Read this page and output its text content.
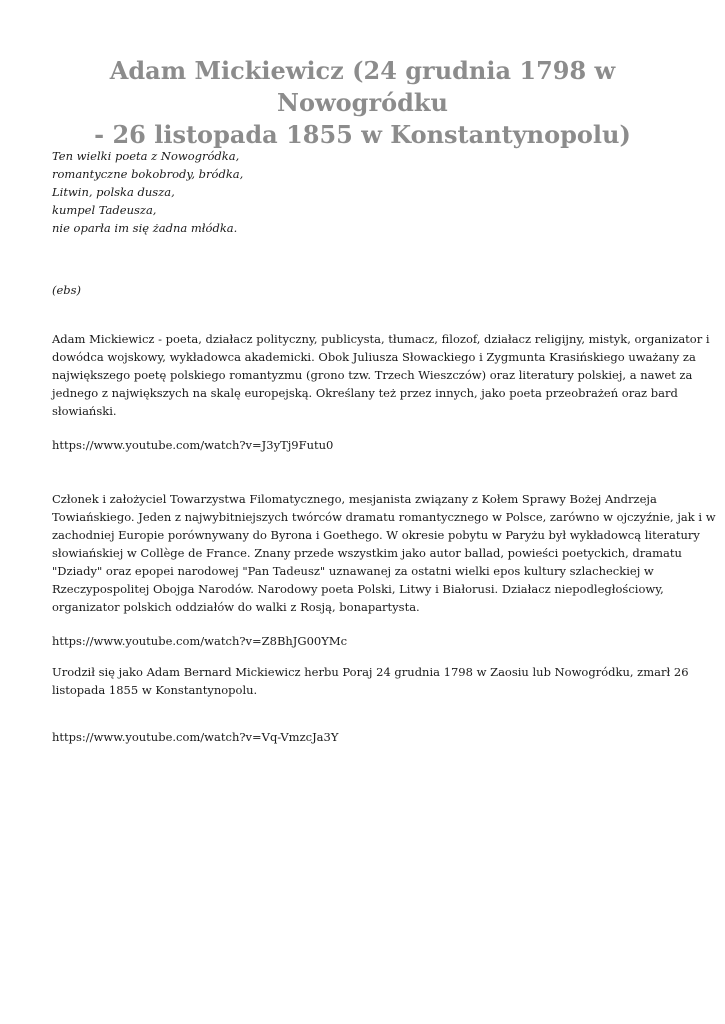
Adam Mickiewicz (24 grudnia 1798 w Nowogródku
- 26 listopada 1855 w Konstantynopolu)
Ten wielki poeta z Nowogródka,
romantyczne bokobrody, bródka,
Litwin, polska dusza,
kumpel Tadeusza,
nie oparła im się żadna młódka.
(ebs)
Adam Mickiewicz - poeta, działacz polityczny, publicysta, tłumacz, filozof, działacz religijny, mistyk, organizator i
dowódca wojskowy, wykładowca akademicki. Obok Juliusza Słowackiego i Zygmunta Krasińskiego uważany za
największego poetę polskiego romantyzmu (grono tzw. Trzech Wieszczów) oraz literatury polskiej, a nawet za
jednego z największych na skalę europejską. Określany też przez innych, jako poeta przeobrażeń oraz bard
słowiański.
https://www.youtube.com/watch?v=J3yTj9Futu0
Członek i założyciel Towarzystwa Filomatycznego, mesjanista związany z Kołem Sprawy Bożej Andrzeja
Towiańskiego. Jeden z najwybitniejszych twórców dramatu romantycznego w Polsce, zarówno w ojczyźnie, jak i w
zachodniej Europie porównywany do Byrona i Goethego. W okresie pobytu w Paryżu był wykładowcą literatury
słowiańskiej w Collège de France. Znany przede wszystkim jako autor ballad, powieści poetyckich, dramatu
"Dziady" oraz epopei narodowej "Pan Tadeusz" uznawanej za ostatni wielki epos kultury szlacheckiej w
Rzeczypospolitej Obojga Narodów. Narodowy poeta Polski, Litwy i Białorusi. Działacz niepodległościowy,
organizator polskich oddziałów do walki z Rosją, bonapartysta.
https://www.youtube.com/watch?v=Z8BhJG00YMc
Urodził się jako Adam Bernard Mickiewicz herbu Poraj 24 grudnia 1798 w Zaosiu lub Nowogródku, zmarł 26
listopada 1855 w Konstantynopolu.
https://www.youtube.com/watch?v=Vq-VmzcJa3Y
